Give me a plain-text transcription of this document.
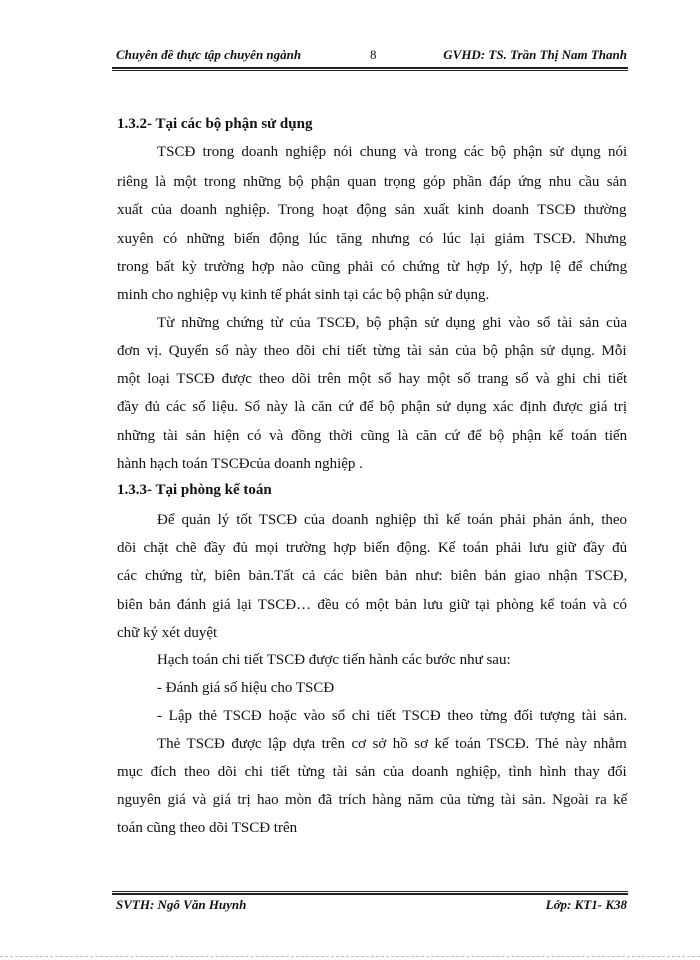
Chuyên đề thực tập chuyên ngành	8	GVHD: TS. Trần Thị Nam Thanh
1.3.2- Tại các bộ phận sử dụng
TSCĐ trong doanh nghiệp nói chung và trong các bộ phận sử dụng nói
riêng là một trong những bộ phận quan trọng góp phần đáp ứng nhu cầu sản
xuất của doanh nghiệp. Trong hoạt động sản xuất kinh doanh TSCĐ thường
xuyên có những biến động lúc tăng nhưng có lúc lại giảm TSCĐ. Nhưng
trong bất kỳ trường hợp nào cũng phải có chứng từ hợp lý, hợp lệ để chứng
minh cho nghiệp vụ kinh tế phát sinh tại các bộ phận sử dụng.
Từ những chứng từ của TSCĐ, bộ phận sử dụng ghi vào sổ tài sản của
đơn vị. Quyển sổ này theo dõi chi tiết từng tài sản của bộ phận sử dụng. Mỗi
một loại TSCĐ được theo dõi trên một sổ hay một số trang sổ và ghi chi tiết
đầy đủ các số liệu. Sổ này là căn cứ để bộ phận sử dụng xác định được giá trị
những tài sản hiện có và đồng thời cũng là căn cứ để bộ phận kế toán tiến
hành hạch toán TSCĐcủa doanh nghiệp .
1.3.3- Tại phòng kế toán
Để quản lý tốt TSCĐ của doanh nghiệp thì kế toán phải phản ánh, theo
dõi chặt chẽ đầy đủ mọi trường hợp biến động. Kế toán phải lưu giữ đầy đủ
các chứng từ, biên bản.Tất cả các biên bản như: biên bản giao nhận TSCĐ,
biên bản đánh giá lại TSCĐ… đều có một bản lưu giữ tại phòng kế toán và có
chữ ký xét duyệt
Hạch toán chi tiết TSCĐ được tiến hành các bước như sau:
- Đánh giá số hiệu cho TSCĐ
- Lập thẻ TSCĐ hoặc vào sổ chi tiết TSCĐ theo từng đối tượng tài sản.
Thẻ TSCĐ được lập dựa trên cơ sở hồ sơ kế toán TSCĐ. Thẻ này nhằm
mục đích theo dõi chi tiết từng tài sản của doanh nghiệp, tình hình thay đổi
nguyên giá và giá trị hao mòn đã trích hàng năm của từng tài sản. Ngoài ra kế
toán cũng theo dõi TSCĐ trên
SVTH: Ngô Văn Huynh	Lớp: KT1- K38
